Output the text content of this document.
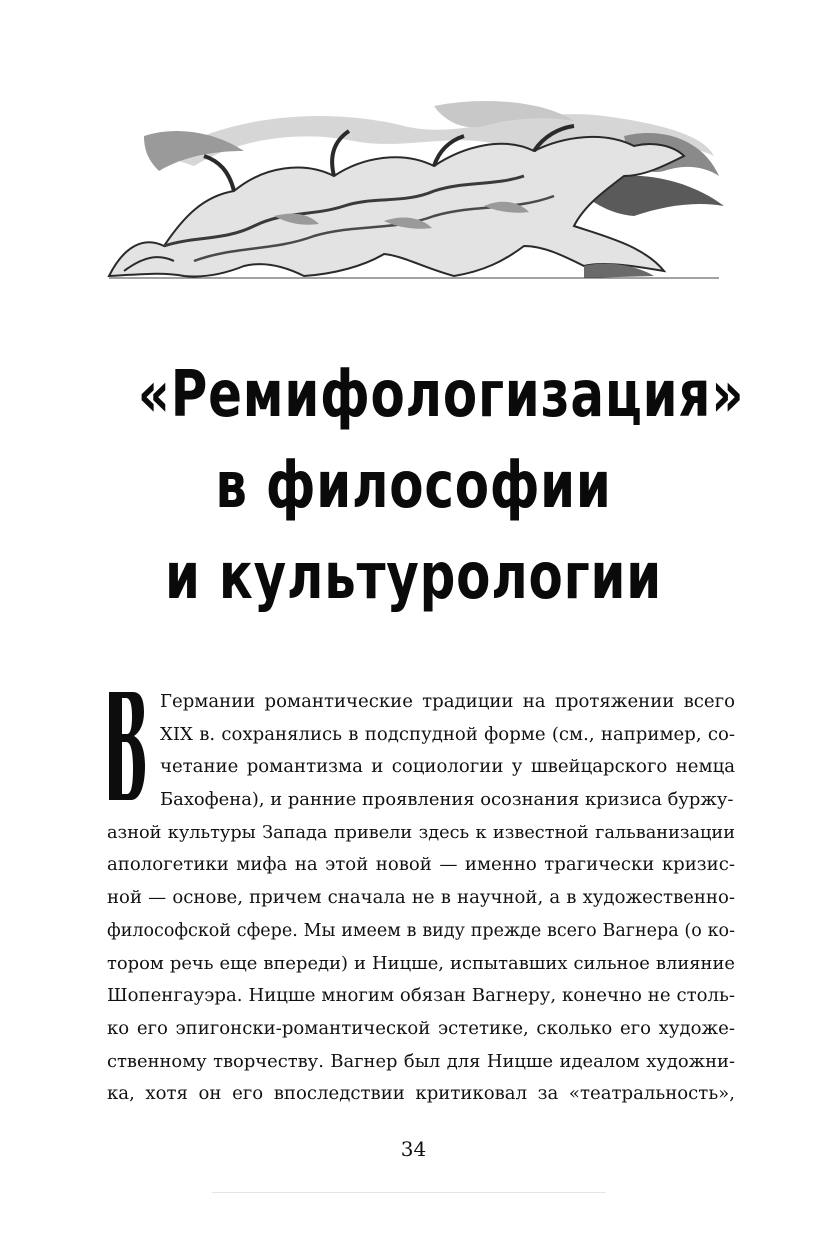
«Ремифологизация»
в философии
и культурологии
Германии романтические традиции на протяжении всего
XIX в. сохранялись в подспудной форме (см., например, со-
четание романтизма и социологии у швейцарского немца
Бахофена), и ранние проявления осознания кризиса буржу-
азной культуры Запада привели здесь к известной гальванизации
апологетики мифа на этой новой — именно трагически кризис-
ной — основе, причем сначала не в научной, а в художественно-
философской сфере. Мы имеем в виду прежде всего Вагнера (о ко-
тором речь еще впереди) и Ницше, испытавших сильное влияние
Шопенгауэра. Ницше многим обязан Вагнеру, конечно не столь-
ко его эпигонски-романтической эстетике, сколько его художе-
ственному творчеству. Вагнер был для Ницше идеалом художни-
ка, хотя он его впоследствии критиковал за «театральность»,
34
